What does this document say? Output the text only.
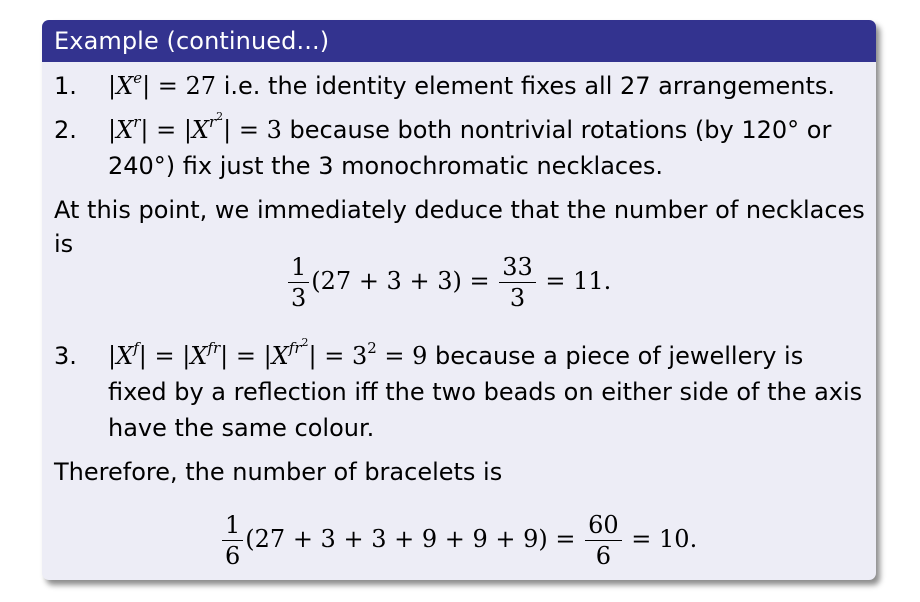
Example (continued...)
1. $|X^e| = 27$ i.e. the identity element fixes all 27 arrangements.
2. $|X^r| = |X^{r^2}| = 3$ because both nontrivial rotations (by 120° or
240°) fix just the 3 monochromatic necklaces.
At this point, we immediately deduce that the number of necklaces
is
$\frac{1}{3} (27 + 3 + 3) = \frac{33}{3} = 11$.
3. $|X^f| = |X^{fr}| = |X^{fr^2}| = 3^2 = 9$ because a piece of jewellery is
fixed by a reflection iff the two beads on either side of the axis
have the same colour.
Therefore, the number of bracelets is
$\frac{1}{6} (27 + 3 + 3 + 9 + 9 + 9) = \frac{60}{6} = 10$.
